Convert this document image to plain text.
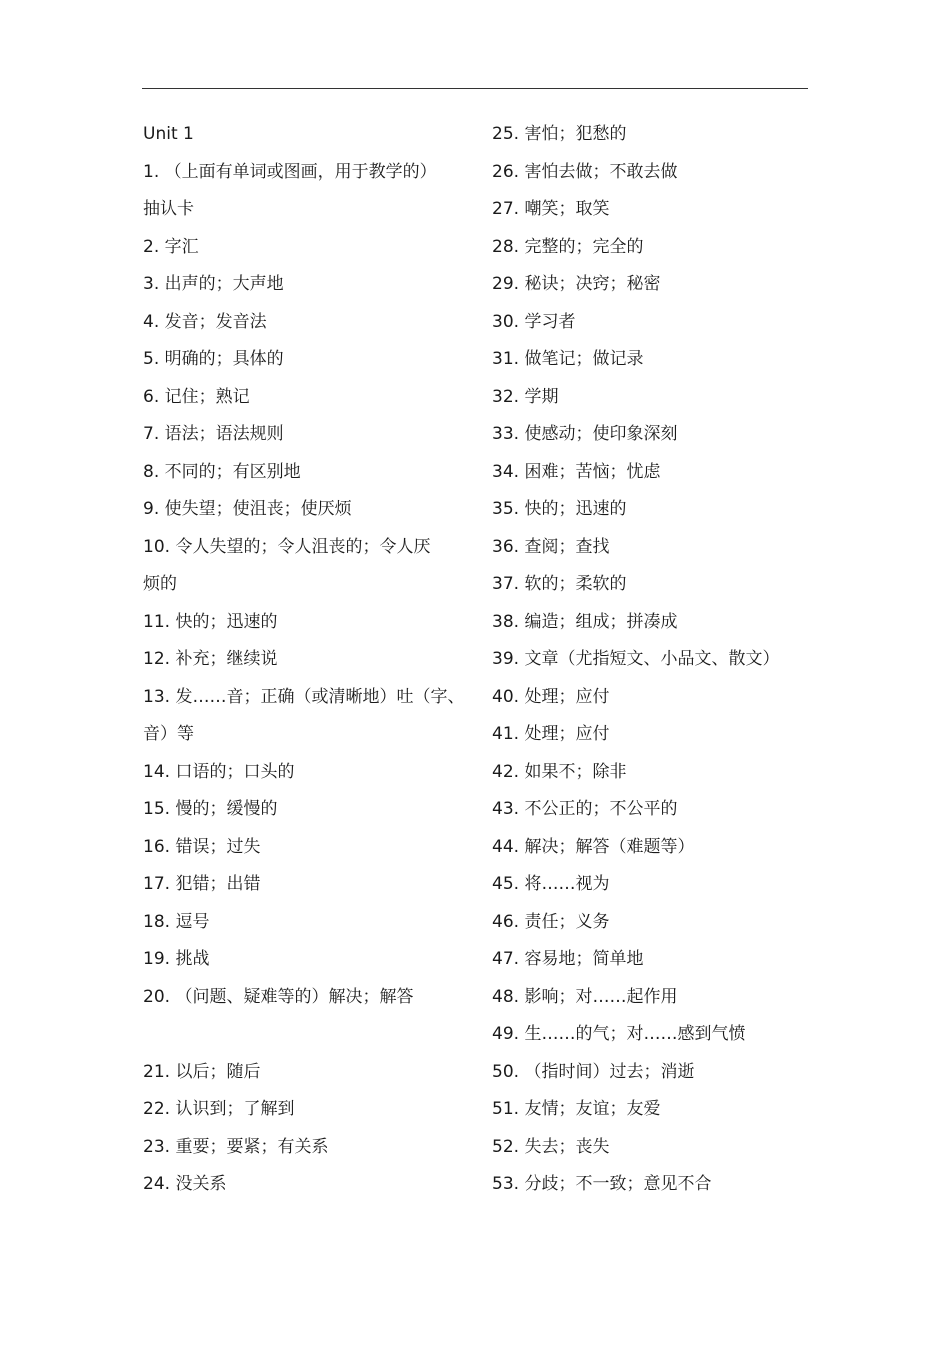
Unit 1
1. （上面有单词或图画，用于教学的）
抽认卡
2. 字汇
3. 出声的；大声地
4. 发音；发音法
5. 明确的；具体的
6. 记住；熟记
7. 语法；语法规则
8. 不同的；有区别地
9. 使失望；使沮丧；使厌烦
10. 令人失望的；令人沮丧的；令人厌
烦的
11. 快的；迅速的
12. 补充；继续说
13. 发……音；正确（或清晰地）吐（字、
音）等
14. 口语的；口头的
15. 慢的；缓慢的
16. 错误；过失
17. 犯错；出错
18. 逗号
19. 挑战
20. （问题、疑难等的）解决；解答
21. 以后；随后
22. 认识到；了解到
23. 重要；要紧；有关系
24. 没关系
25. 害怕；犯愁的
26. 害怕去做；不敢去做
27. 嘲笑；取笑
28. 完整的；完全的
29. 秘诀；决窍；秘密
30. 学习者
31. 做笔记；做记录
32. 学期
33. 使感动；使印象深刻
34. 困难；苦恼；忧虑
35. 快的；迅速的
36. 查阅；查找
37. 软的；柔软的
38. 编造；组成；拼凑成
39. 文章（尤指短文、小品文、散文）
40. 处理；应付
41. 处理；应付
42. 如果不；除非
43. 不公正的；不公平的
44. 解决；解答（难题等）
45. 将……视为
46. 责任；义务
47. 容易地；简单地
48. 影响；对……起作用
49. 生……的气；对……感到气愤
50. （指时间）过去；消逝
51. 友情；友谊；友爱
52. 失去；丧失
53. 分歧；不一致；意见不合
